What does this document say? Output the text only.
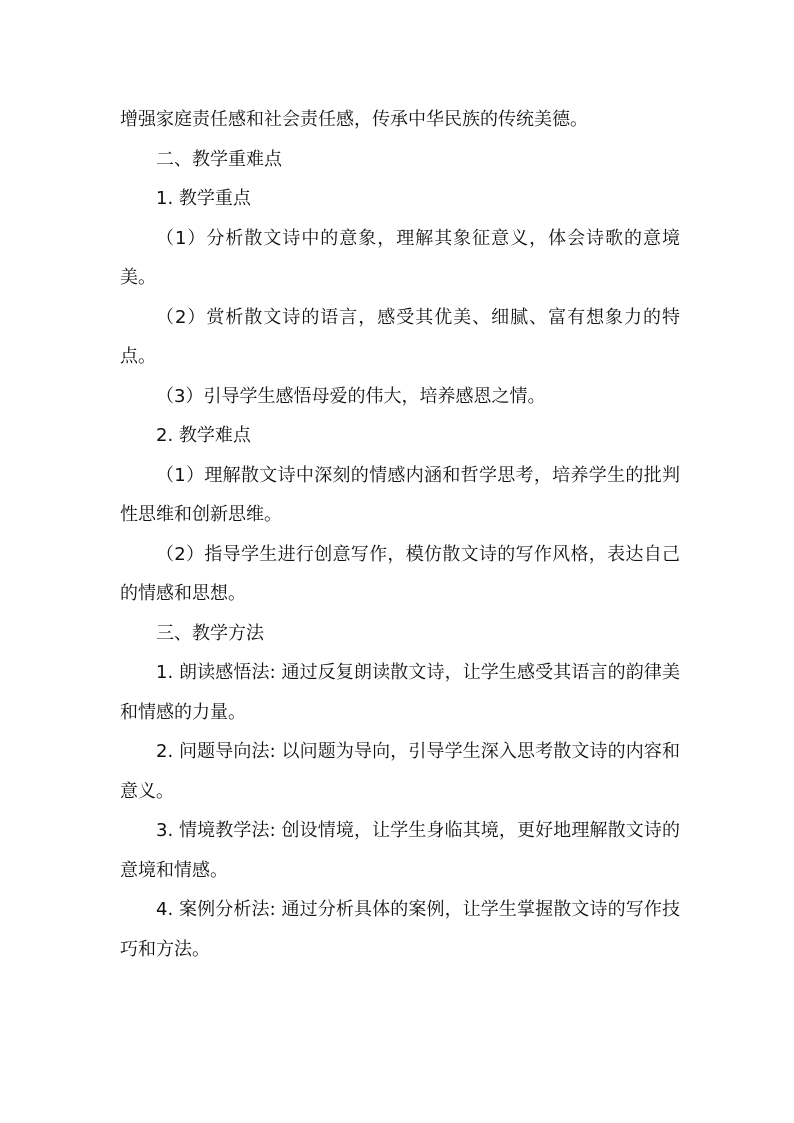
增强家庭责任感和社会责任感，传承中华民族的传统美德。

二、教学重难点

1. 教学重点

（1）分析散文诗中的意象，理解其象征意义，体会诗歌的意境美。

（2）赏析散文诗的语言，感受其优美、细腻、富有想象力的特点。

（3）引导学生感悟母爱的伟大，培养感恩之情。

2. 教学难点

（1）理解散文诗中深刻的情感内涵和哲学思考，培养学生的批判性思维和创新思维。

（2）指导学生进行创意写作，模仿散文诗的写作风格，表达自己的情感和思想。

三、教学方法

1. 朗读感悟法: 通过反复朗读散文诗，让学生感受其语言的韵律美和情感的力量。

2. 问题导向法: 以问题为导向，引导学生深入思考散文诗的内容和意义。

3. 情境教学法: 创设情境，让学生身临其境，更好地理解散文诗的意境和情感。

4. 案例分析法: 通过分析具体的案例，让学生掌握散文诗的写作技巧和方法。
